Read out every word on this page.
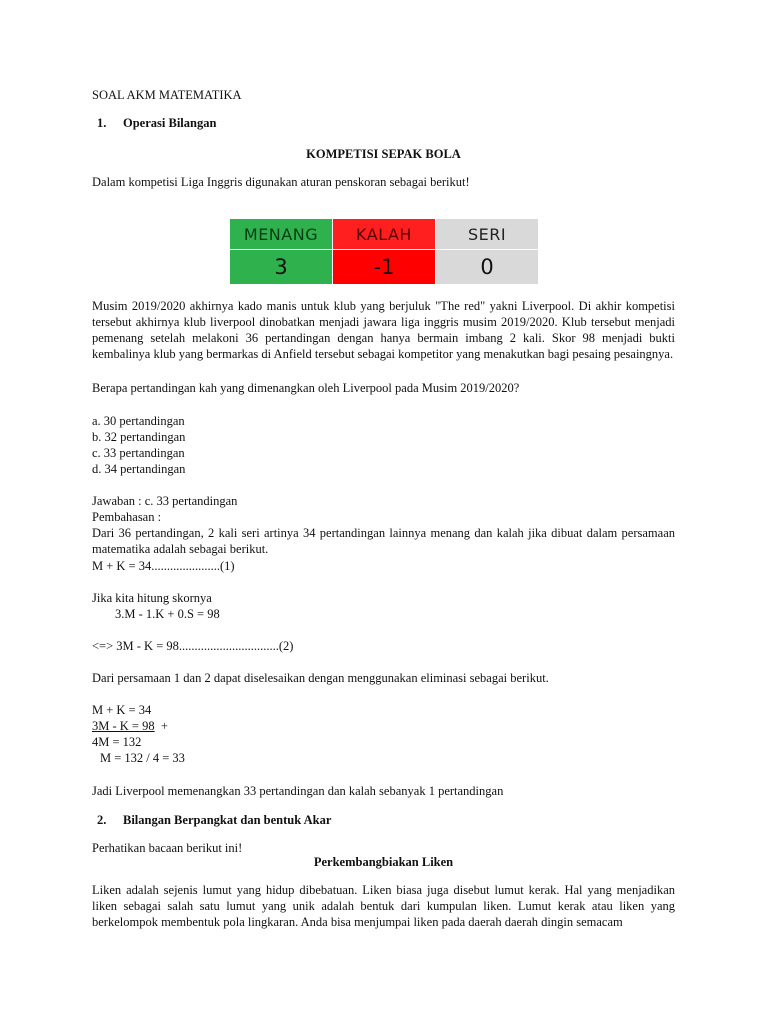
SOAL AKM MATEMATIKA
1. Operasi Bilangan
KOMPETISI SEPAK BOLA
Dalam kompetisi Liga Inggris digunakan aturan penskoran sebagai berikut!
MENANG	KALAH	SERI
3	-1	0
Musim 2019/2020 akhirnya kado manis untuk klub yang berjuluk "The red" yakni Liverpool. Di akhir kompetisi tersebut akhirnya klub liverpool dinobatkan menjadi jawara liga inggris musim 2019/2020. Klub tersebut menjadi pemenang setelah melakoni 36 pertandingan dengan hanya bermain imbang 2 kali. Skor 98 menjadi bukti kembalinya klub yang bermarkas di Anfield tersebut sebagai kompetitor yang menakutkan bagi pesaing pesaingnya.
Berapa pertandingan kah yang dimenangkan oleh Liverpool pada Musim 2019/2020?
a. 30 pertandingan
b. 32 pertandingan
c. 33 pertandingan
d. 34 pertandingan
Jawaban : c. 33 pertandingan
Pembahasan :
Dari 36 pertandingan, 2 kali seri artinya 34 pertandingan lainnya menang dan kalah jika dibuat dalam persamaan matematika adalah sebagai berikut.
M + K = 34......................(1)
Jika kita hitung skornya
3.M - 1.K + 0.S = 98
<=> 3M - K = 98................................(2)
Dari persamaan 1 dan 2 dapat diselesaikan dengan menggunakan eliminasi sebagai berikut.
M + K = 34
3M - K = 98 +
4M = 132
M = 132 / 4 = 33
Jadi Liverpool memenangkan 33 pertandingan dan kalah sebanyak 1 pertandingan
2. Bilangan Berpangkat dan bentuk Akar
Perhatikan bacaan berikut ini!
Perkembangbiakan Liken
Liken adalah sejenis lumut yang hidup dibebatuan. Liken biasa juga disebut lumut kerak. Hal yang menjadikan liken sebagai salah satu lumut yang unik adalah bentuk dari kumpulan liken. Lumut kerak atau liken yang berkelompok membentuk pola lingkaran. Anda bisa menjumpai liken pada daerah daerah dingin semacam
